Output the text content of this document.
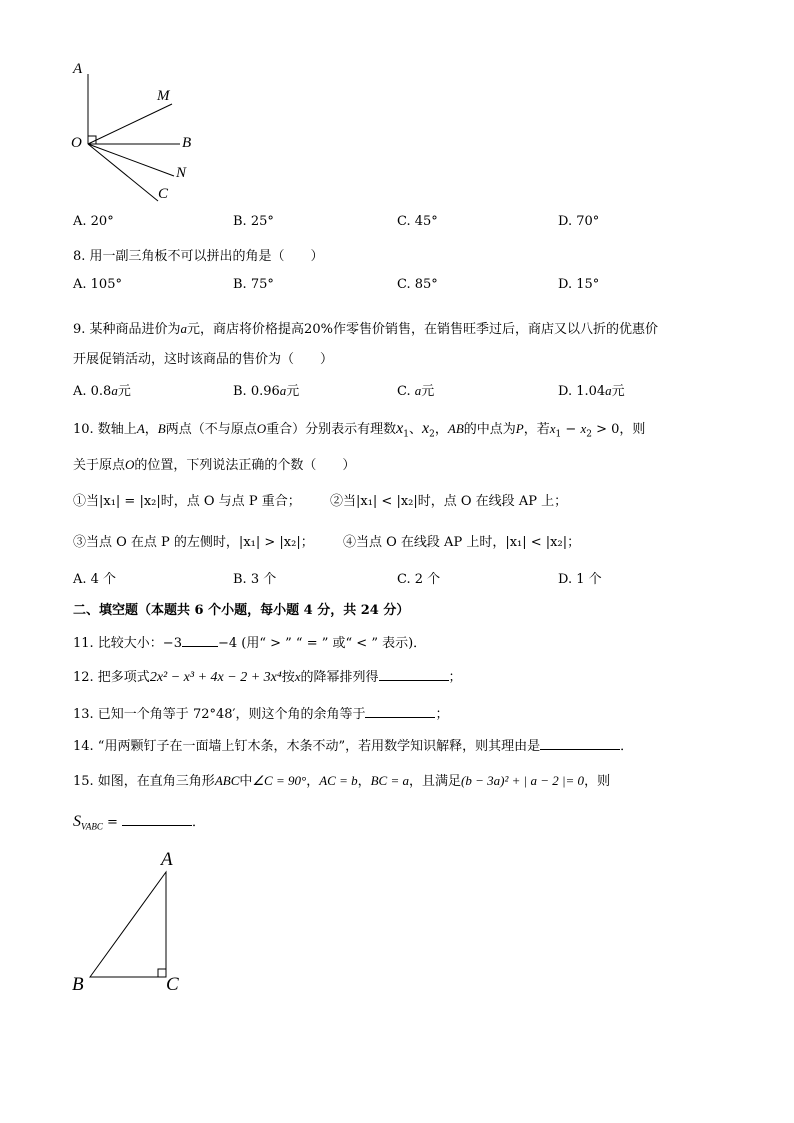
A
M
O	B
N
C
A. 20°	B. 25°	C. 45°	D. 70°
8. 用一副三角板不可以拼出的角是（　　）
A. 105°	B. 75°	C. 85°	D. 15°
9. 某种商品进价为a元，商店将价格提高20%作零售价销售，在销售旺季过后，商店又以八折的优惠价
开展促销活动，这时该商品的售价为（　　）
A. 0.8a元	B. 0.96a元	C. a元	D. 1.04a元
10. 数轴上A，B两点（不与原点O重合）分别表示有理数$x_1$、$x_2$，AB的中点为P，若$x_1 - x_2 > 0$，则
关于原点O的位置，下列说法正确的个数（　　）
①当|x₁| = |x₂|时，点 O 与点 P 重合； ②当|x₁| < |x₂|时，点 O 在线段 AP 上；
③当点 O 在点 P 的左侧时，|x₁| > |x₂|； ④当点 O 在线段 AP 上时，|x₁| < |x₂|；
A. 4 个	B. 3 个	C. 2 个	D. 1 个
二、填空题（本题共 6 个小题，每小题 4 分，共 24 分）
11. 比较大小：−3	−4 (用“ > ” “ = ” 或“ < ” 表示)．
12. 把多项式2x² − x³ + 4x − 2 + 3x⁴按x的降幂排列得	；
13. 已知一个角等于 72°48′，则这个角的余角等于	；
14. “用两颗钉子在一面墙上钉木条，木条不动”，若用数学知识解释，则其理由是	．
15. 如图，在直角三角形ABC中∠C = 90°，AC = b，BC = a，且满足(b − 3a)² + | a − 2 |= 0，则
$S_{VABC}$ =	．
A
B	C
